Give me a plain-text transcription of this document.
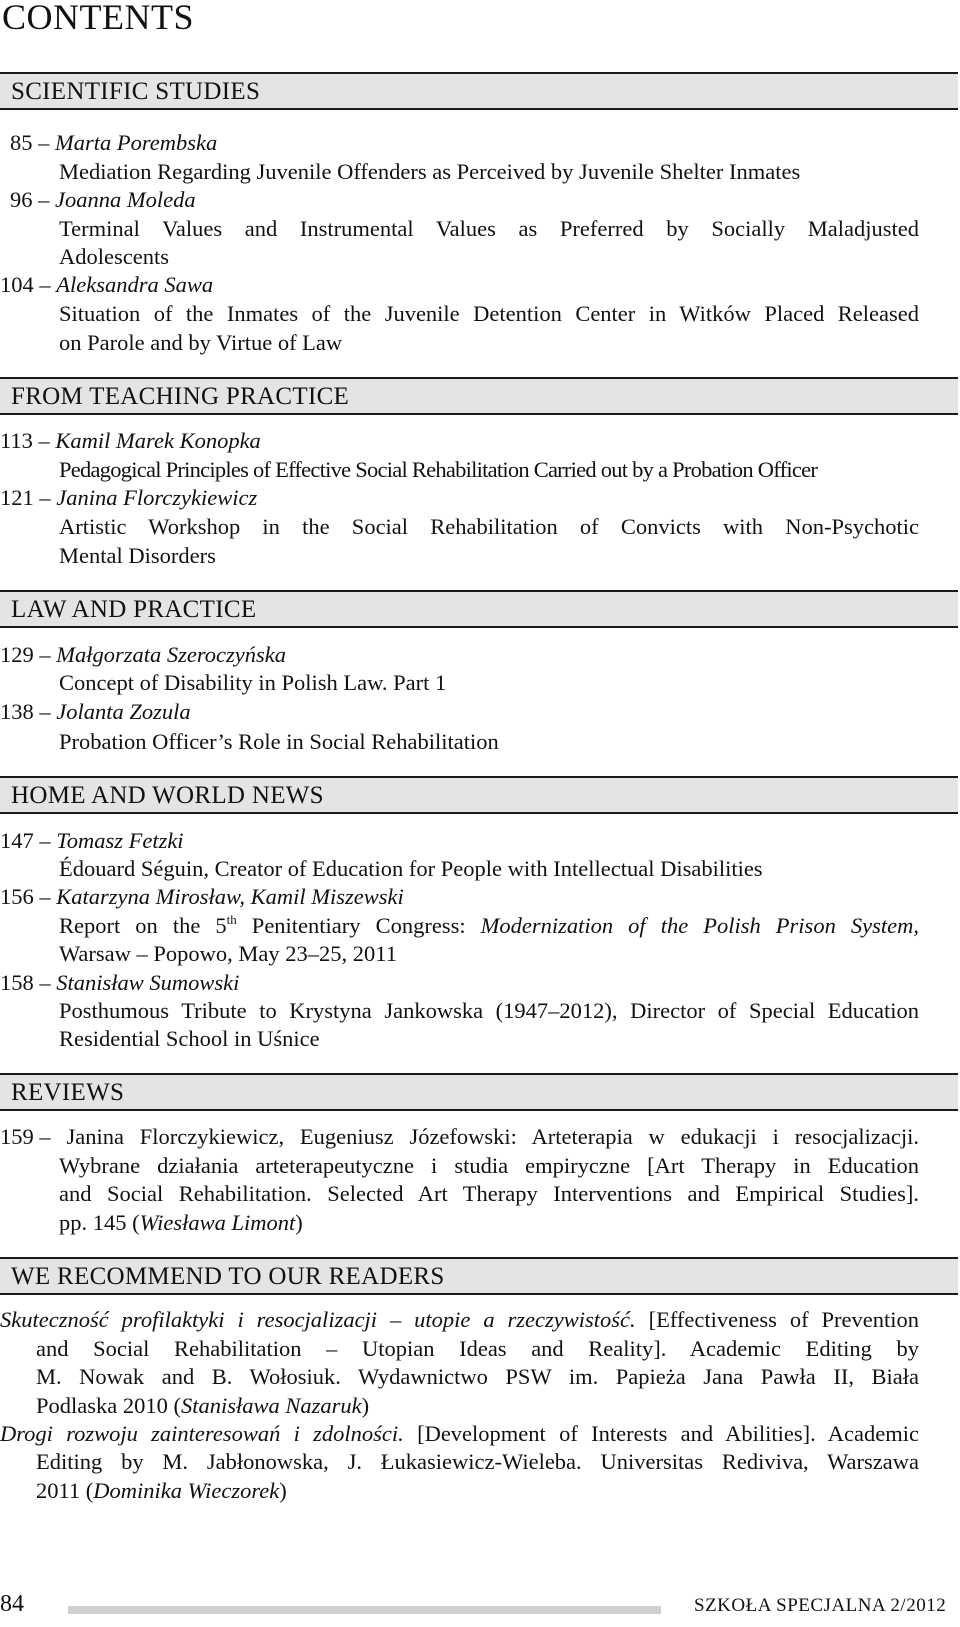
CONTENTS
SCIENTIFIC STUDIES
85 – Marta Porembska
Mediation Regarding Juvenile Offenders as Perceived by Juvenile Shelter Inmates
96 – Joanna Moleda
Terminal Values and Instrumental Values as Preferred by Socially Maladjusted
Adolescents
104 – Aleksandra Sawa
Situation of the Inmates of the Juvenile Detention Center in Witków Placed Released
on Parole and by Virtue of Law
FROM TEACHING PRACTICE
113 – Kamil Marek Konopka
Pedagogical Principles of Effective Social Rehabilitation Carried out by a Probation Officer
121 – Janina Florczykiewicz
Artistic Workshop in the Social Rehabilitation of Convicts with Non-Psychotic
Mental Disorders
LAW AND PRACTICE
129 – Małgorzata Szeroczyńska
Concept of Disability in Polish Law. Part 1
138 – Jolanta Zozula
Probation Officer’s Role in Social Rehabilitation
HOME AND WORLD NEWS
147 – Tomasz Fetzki
Édouard Séguin, Creator of Education for People with Intellectual Disabilities
156 – Katarzyna Mirosław, Kamil Miszewski
Report on the 5th Penitentiary Congress: Modernization of the Polish Prison System,
Warsaw – Popowo, May 23–25, 2011
158 – Stanisław Sumowski
Posthumous Tribute to Krystyna Jankowska (1947–2012), Director of Special Education
Residential School in Uśnice
REVIEWS
159 – Janina Florczykiewicz, Eugeniusz Józefowski: Arteterapia w edukacji i resocjalizacji.
Wybrane działania arteterapeutyczne i studia empiryczne [Art Therapy in Education
and Social Rehabilitation. Selected Art Therapy Interventions and Empirical Studies].
pp. 145 (Wiesława Limont)
WE RECOMMEND TO OUR READERS
Skuteczność profilaktyki i resocjalizacji – utopie a rzeczywistość. [Effectiveness of Prevention
and Social Rehabilitation – Utopian Ideas and Reality]. Academic Editing by
M. Nowak and B. Wołosiuk. Wydawnictwo PSW im. Papieża Jana Pawła II, Biała
Podlaska 2010 (Stanisława Nazaruk)
Drogi rozwoju zainteresowań i zdolności. [Development of Interests and Abilities]. Academic
Editing by M. Jabłonowska, J. Łukasiewicz-Wieleba. Universitas Rediviva, Warszawa
2011 (Dominika Wieczorek)
84	SZKOŁA SPECJALNA 2/2012
